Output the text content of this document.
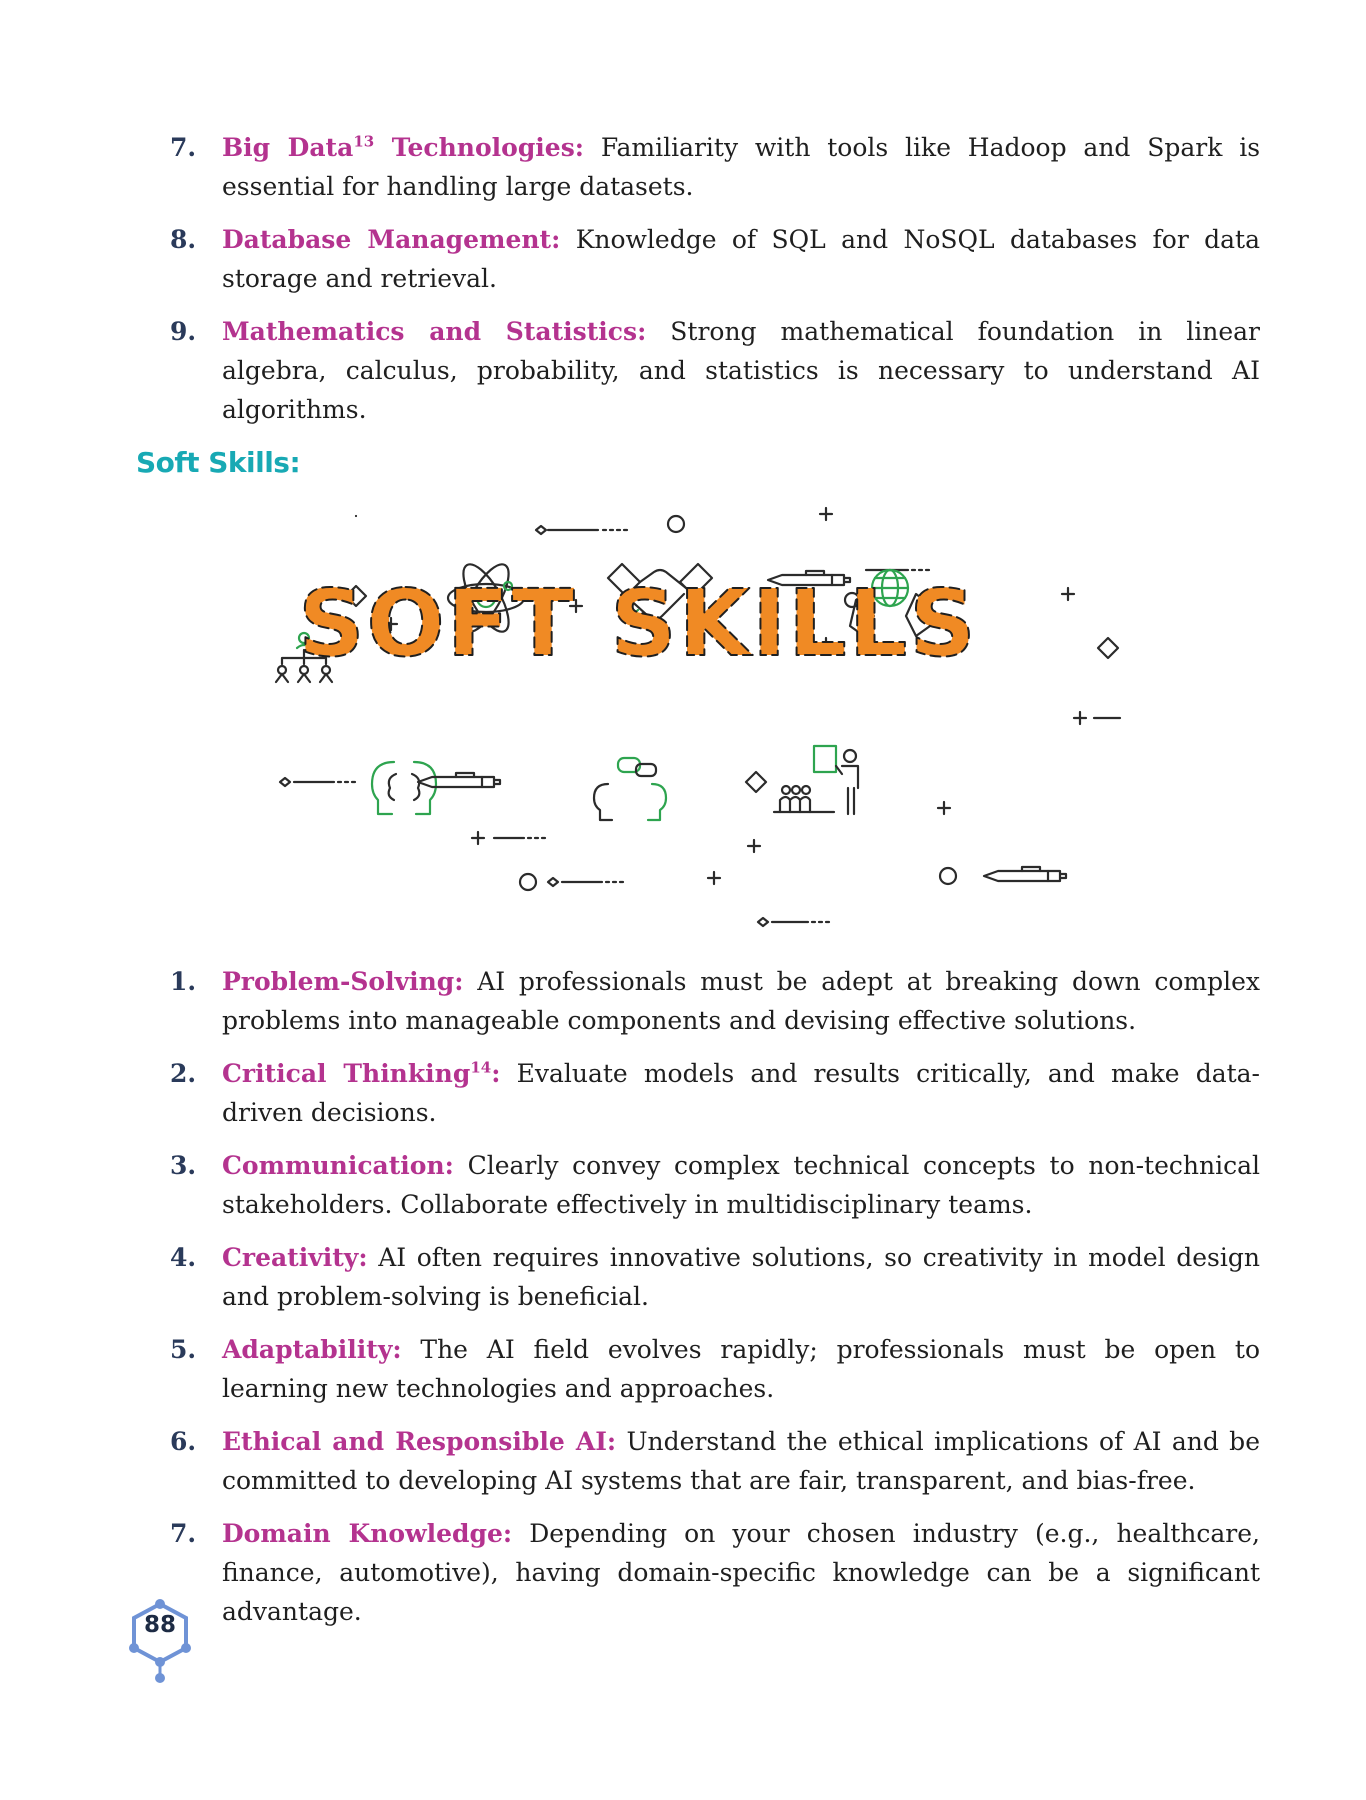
7. Big Data$^{13}$ Technologies: Familiarity with tools like Hadoop and Spark is essential for handling large datasets.
8. Database Management: Knowledge of SQL and NoSQL databases for data storage and retrieval.
9. Mathematics and Statistics: Strong mathematical foundation in linear algebra, calculus, probability, and statistics is necessary to understand AI algorithms.
Soft Skills:
SOFT SKILLS
1. Problem-Solving: AI professionals must be adept at breaking down complex problems into manageable components and devising effective solutions.
2. Critical Thinking$^{14}$: Evaluate models and results critically, and make data-driven decisions.
3. Communication: Clearly convey complex technical concepts to non-technical stakeholders. Collaborate effectively in multidisciplinary teams.
4. Creativity: AI often requires innovative solutions, so creativity in model design and problem-solving is beneficial.
5. Adaptability: The AI field evolves rapidly; professionals must be open to learning new technologies and approaches.
6. Ethical and Responsible AI: Understand the ethical implications of AI and be committed to developing AI systems that are fair, transparent, and bias-free.
7. Domain Knowledge: Depending on your chosen industry (e.g., healthcare, finance, automotive), having domain-specific knowledge can be a significant advantage.
88
